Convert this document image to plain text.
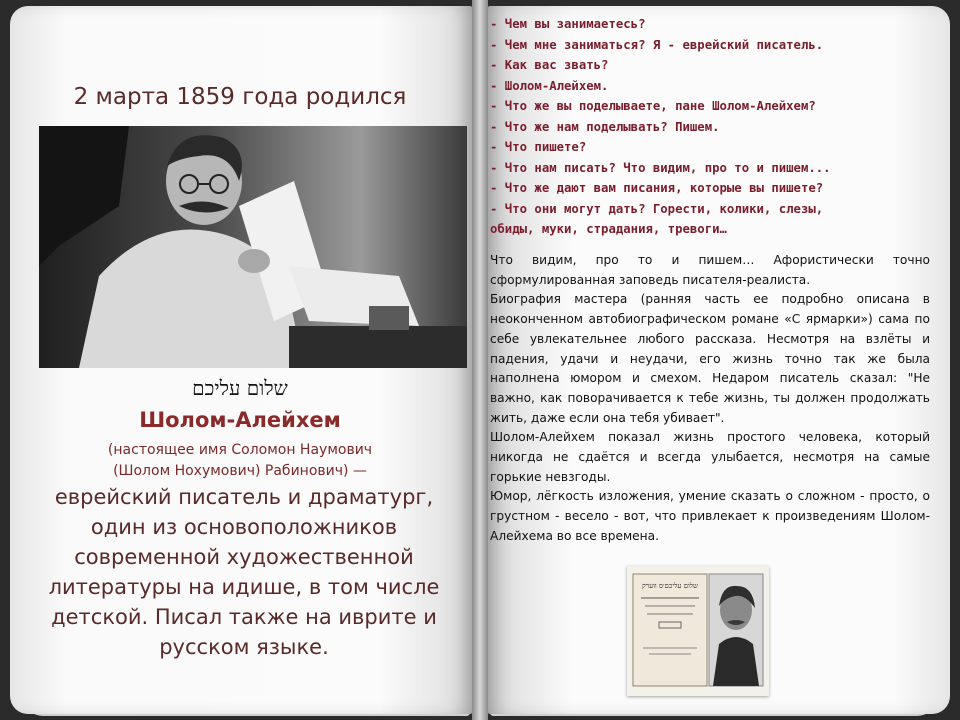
2 марта 1859 года родился
שלום עליכם
Шолом-Алейхем
(настоящее имя Соломон Наумович
(Шолом Нохумович) Рабинович) —
еврейский писатель и драматург,
один из основоположников
современной художественной
литературы на идише, в том числе
детской. Писал также на иврите и
русском языке.
- Чем вы занимаетесь?
- Чем мне заниматься? Я - еврейский писатель.
- Как вас звать?
- Шолом-Алейхем.
- Что же вы поделываете, пане Шолом-Алейхем?
- Что же нам поделывать? Пишем.
- Что пишете?
- Что нам писать? Что видим, про то и пишем...
- Что же дают вам писания, которые вы пишете?
- Что они могут дать? Горести, колики, слезы,
обиды, муки, страдания, тревоги…

Что видим, про то и пишем… Афористически точно сформулированная заповедь писателя-реалиста.

Биография мастера (ранняя часть ее подробно описана в неоконченном автобиографическом романе «С ярмарки») сама по себе увлекательнее любого рассказа. Несмотря на взлёты и падения, удачи и неудачи, его жизнь точно так же была наполнена юмором и смехом. Недаром писатель сказал: "Не важно, как поворачивается к тебе жизнь, ты должен продолжать жить, даже если она тебя убивает".

Шолом-Алейхем показал жизнь простого человека, который никогда не сдаётся и всегда улыбается, несмотря на самые горькие невзгоды.

Юмор, лёгкость изложения, умение сказать о сложном - просто, о грустном - весело - вот, что привлекает к произведениям Шолом-Алейхема во все времена.

שלום עליכם׳ס ווערק
